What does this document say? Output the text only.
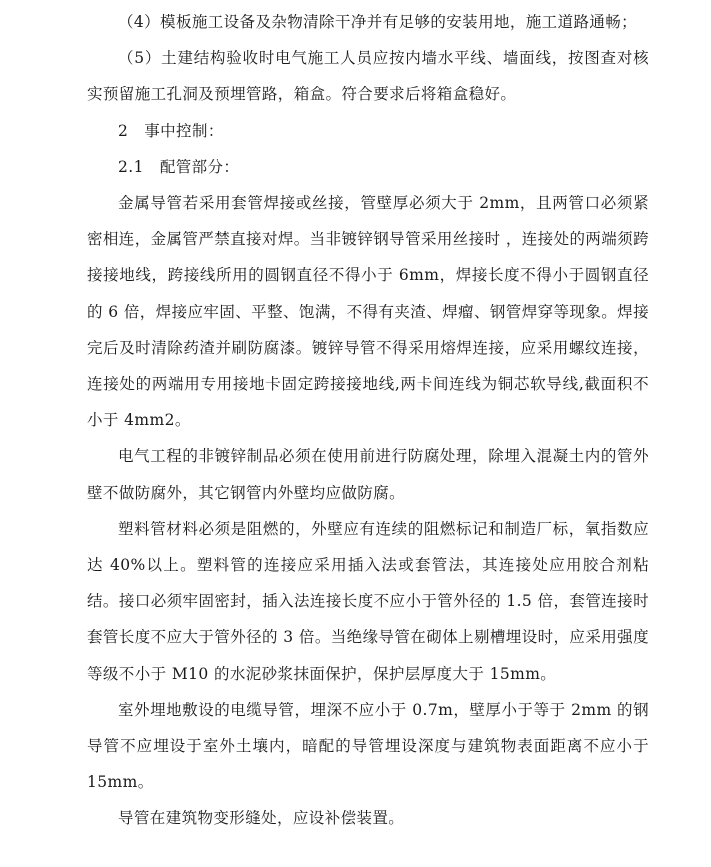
（4）模板施工设备及杂物清除干净并有足够的安装用地，施工道路通畅；

（5）土建结构验收时电气施工人员应按内墙水平线、墙面线，按图查对核实预留施工孔洞及预埋管路，箱盒。符合要求后将箱盒稳好。

2   事中控制：

2.1   配管部分：

金属导管若采用套管焊接或丝接，管壁厚必须大于 2mm，且两管口必须紧密相连，金属管严禁直接对焊。当非镀锌钢导管采用丝接时 ，连接处的两端须跨接接地线，跨接线所用的圆钢直径不得小于 6mm，焊接长度不得小于圆钢直径的 6 倍，焊接应牢固、平整、饱满，不得有夹渣、焊瘤、钢管焊穿等现象。焊接完后及时清除药渣并刷防腐漆。镀锌导管不得采用熔焊连接，应采用螺纹连接，连接处的两端用专用接地卡固定跨接接地线,两卡间连线为铜芯软导线,截面积不小于 4mm2。

电气工程的非镀锌制品必须在使用前进行防腐处理，除埋入混凝土内的管外壁不做防腐外，其它钢管内外壁均应做防腐。

塑料管材料必须是阻燃的，外壁应有连续的阻燃标记和制造厂标，氧指数应达 40%以上。塑料管的连接应采用插入法或套管法，其连接处应用胶合剂粘结。接口必须牢固密封，插入法连接长度不应小于管外径的 1.5 倍，套管连接时套管长度不应大于管外径的 3 倍。当绝缘导管在砌体上剔槽埋设时，应采用强度等级不小于 M10 的水泥砂浆抹面保护，保护层厚度大于 15mm。

室外埋地敷设的电缆导管，埋深不应小于 0.7m，壁厚小于等于 2mm 的钢导管不应埋设于室外土壤内，暗配的导管埋设深度与建筑物表面距离不应小于 15mm。

导管在建筑物变形缝处，应设补偿装置。
